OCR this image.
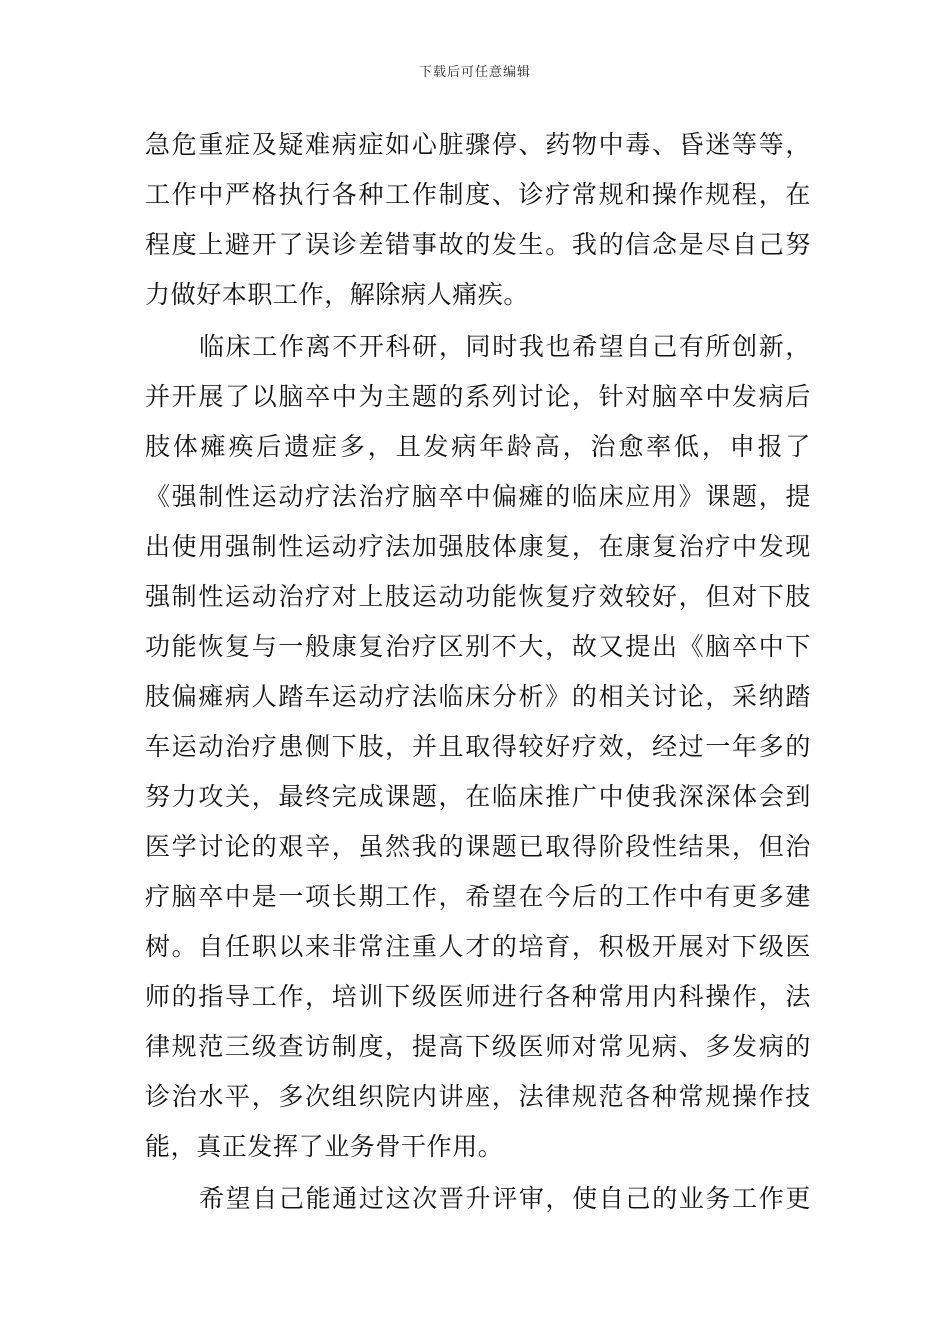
下载后可任意编辑
急危重症及疑难病症如心脏骤停、药物中毒、昏迷等等，
工作中严格执行各种工作制度、诊疗常规和操作规程，在
程度上避开了误诊差错事故的发生。我的信念是尽自己努
力做好本职工作，解除病人痛疾。
临床工作离不开科研，同时我也希望自己有所创新，
并开展了以脑卒中为主题的系列讨论，针对脑卒中发病后
肢体瘫痪后遗症多，且发病年龄高，治愈率低，申报了
《强制性运动疗法治疗脑卒中偏瘫的临床应用》课题，提
出使用强制性运动疗法加强肢体康复，在康复治疗中发现
强制性运动治疗对上肢运动功能恢复疗效较好，但对下肢
功能恢复与一般康复治疗区别不大，故又提出《脑卒中下
肢偏瘫病人踏车运动疗法临床分析》的相关讨论，采纳踏
车运动治疗患侧下肢，并且取得较好疗效，经过一年多的
努力攻关，最终完成课题，在临床推广中使我深深体会到
医学讨论的艰辛，虽然我的课题已取得阶段性结果，但治
疗脑卒中是一项长期工作，希望在今后的工作中有更多建
树。自任职以来非常注重人才的培育，积极开展对下级医
师的指导工作，培训下级医师进行各种常用内科操作，法
律规范三级查访制度，提高下级医师对常见病、多发病的
诊治水平，多次组织院内讲座，法律规范各种常规操作技
能，真正发挥了业务骨干作用。
希望自己能通过这次晋升评审，使自己的业务工作更
